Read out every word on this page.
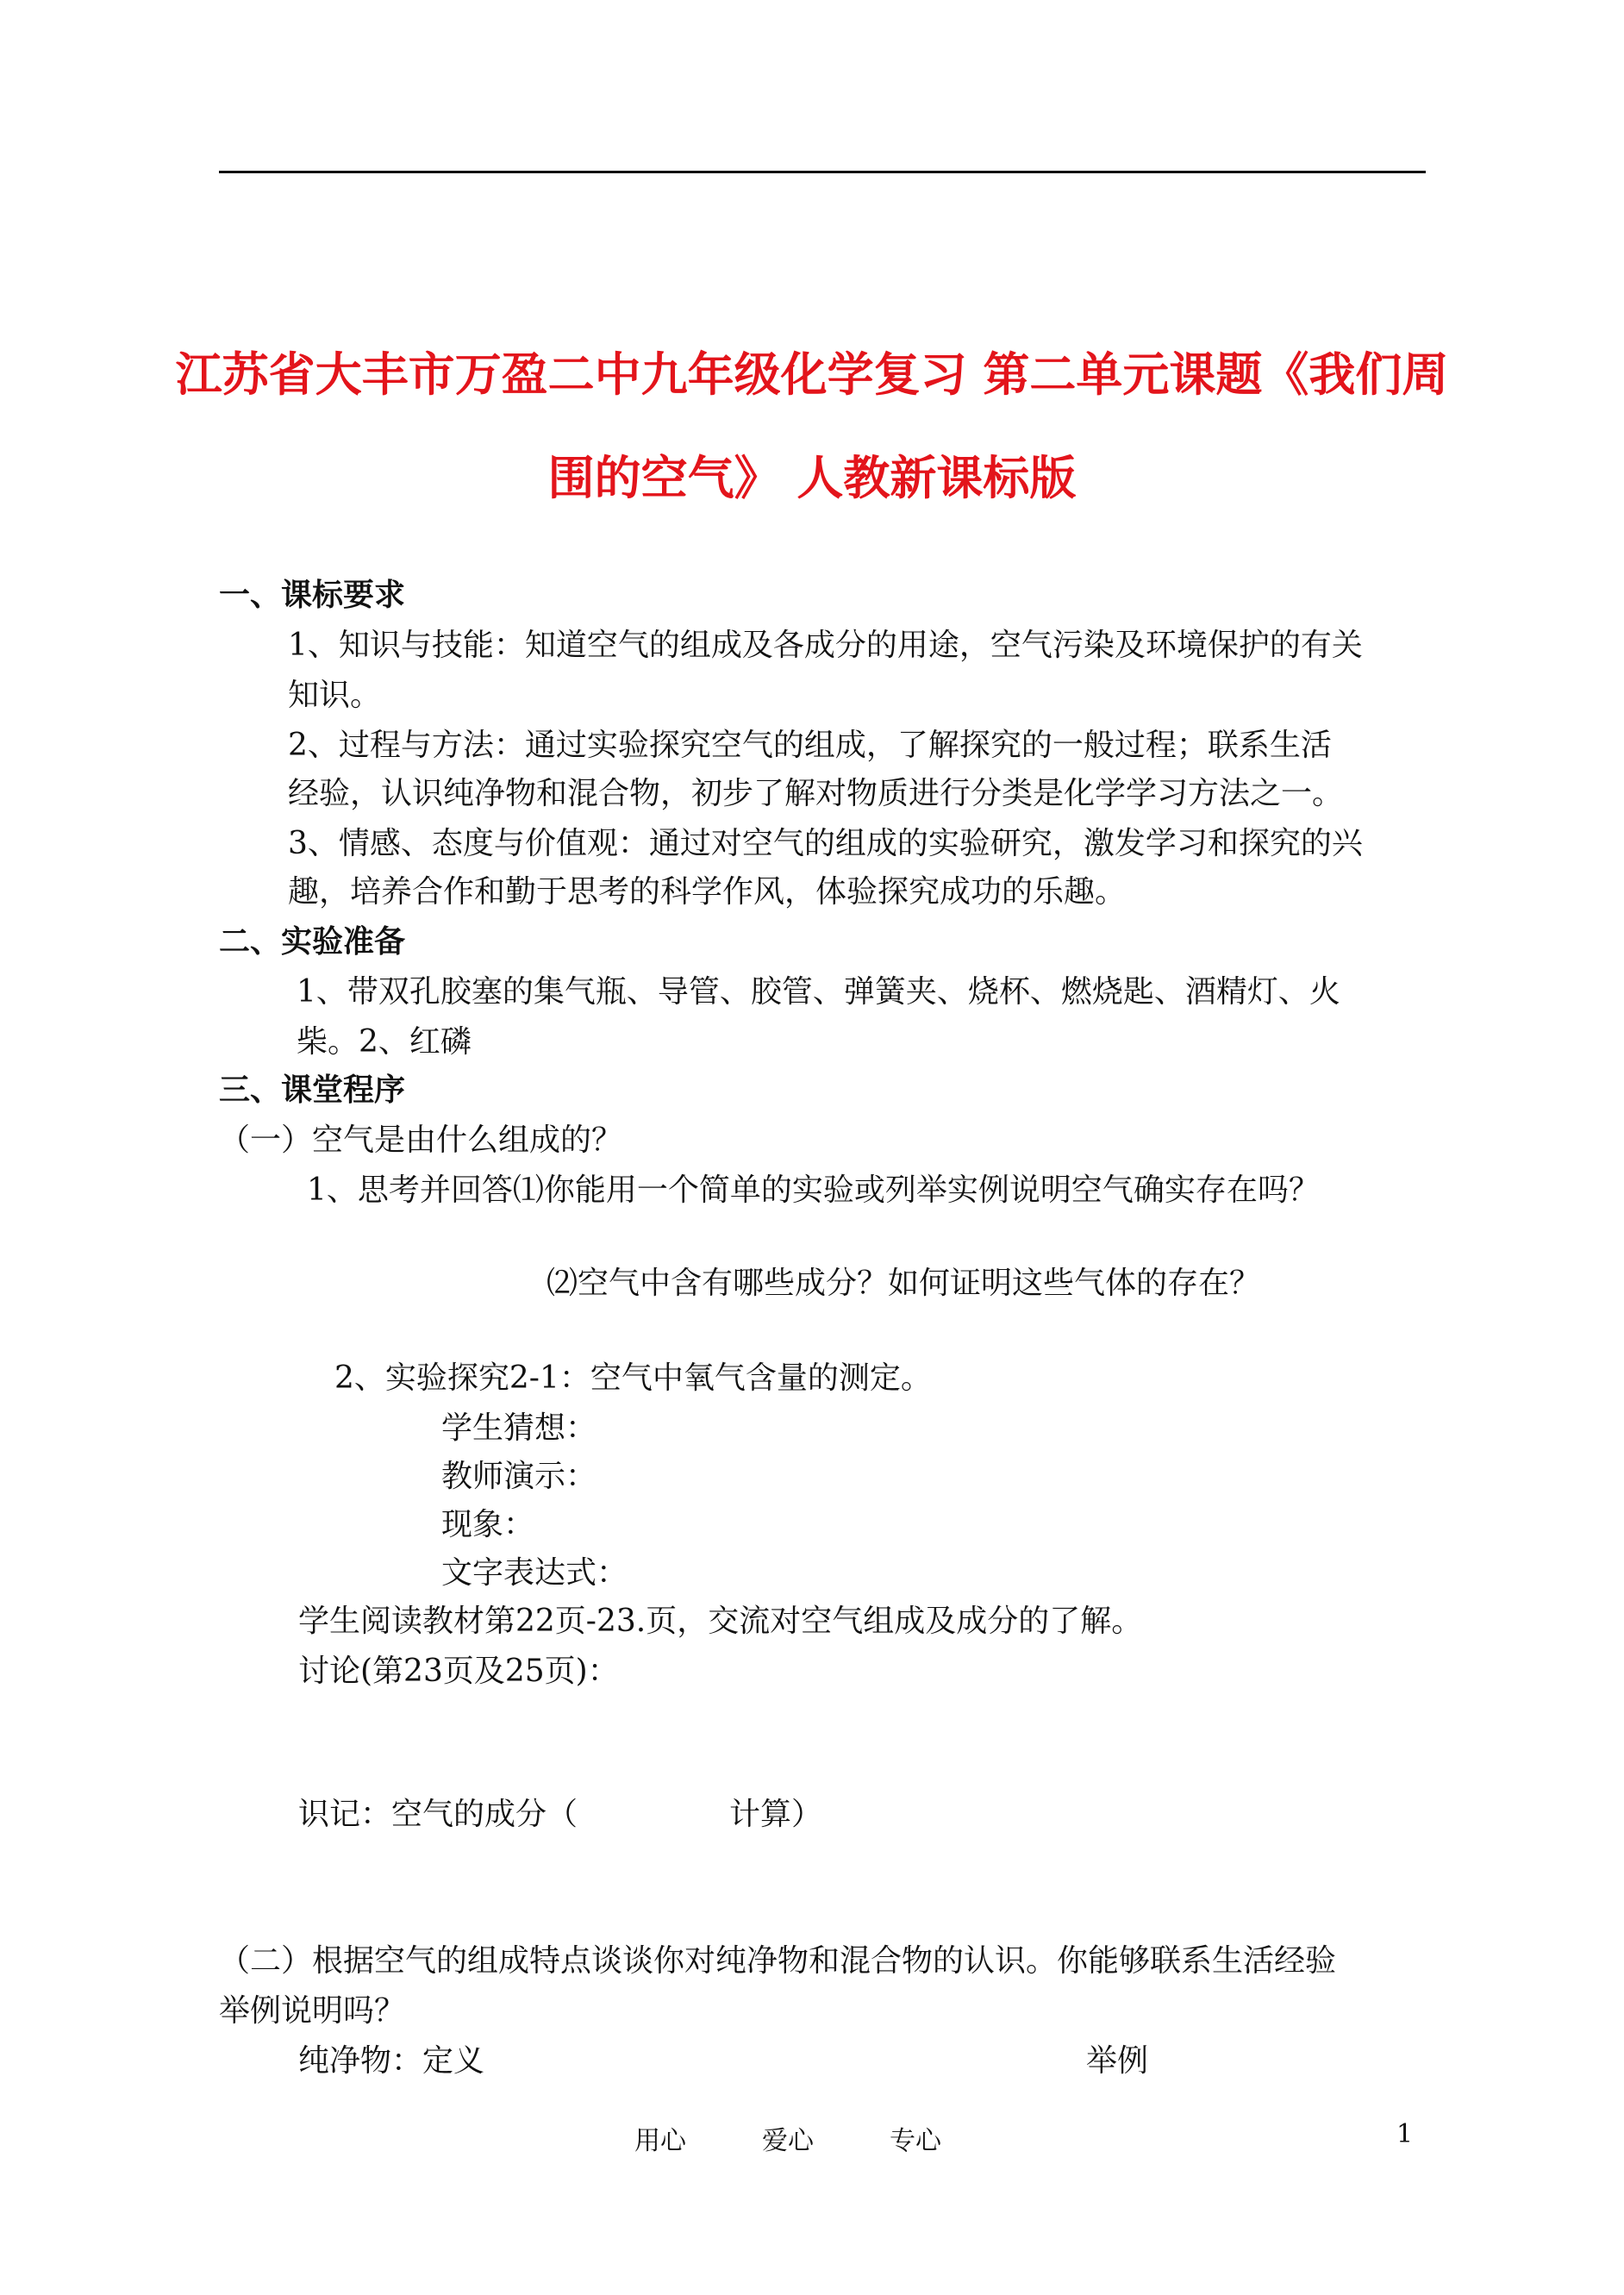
江苏省大丰市万盈二中九年级化学复习 第二单元课题《我们周
围的空气》 人教新课标版
一、课标要求
1、知识与技能：知道空气的组成及各成分的用途，空气污染及环境保护的有关
知识。
2、过程与方法：通过实验探究空气的组成，了解探究的一般过程；联系生活
经验，认识纯净物和混合物，初步了解对物质进行分类是化学学习方法之一。
3、情感、态度与价值观：通过对空气的组成的实验研究，激发学习和探究的兴
趣，培养合作和勤于思考的科学作风，体验探究成功的乐趣。
二、实验准备
1、带双孔胶塞的集气瓶、导管、胶管、弹簧夹、烧杯、燃烧匙、酒精灯、火
柴。2、红磷
三、课堂程序
（一）空气是由什么组成的？
1、思考并回答⑴你能用一个简单的实验或列举实例说明空气确实存在吗？
⑵空气中含有哪些成分？如何证明这些气体的存在？
2、实验探究2-1：空气中氧气含量的测定。
学生猜想：
教师演示：
现象：
文字表达式：
学生阅读教材第22页-23.页，交流对空气组成及成分的了解。
讨论(第23页及25页)：
识记：空气的成分（	计算）
（二）根据空气的组成特点谈谈你对纯净物和混合物的认识。你能够联系生活经验
举例说明吗？
纯净物：定义	举例
用心	爱心	专心	1
